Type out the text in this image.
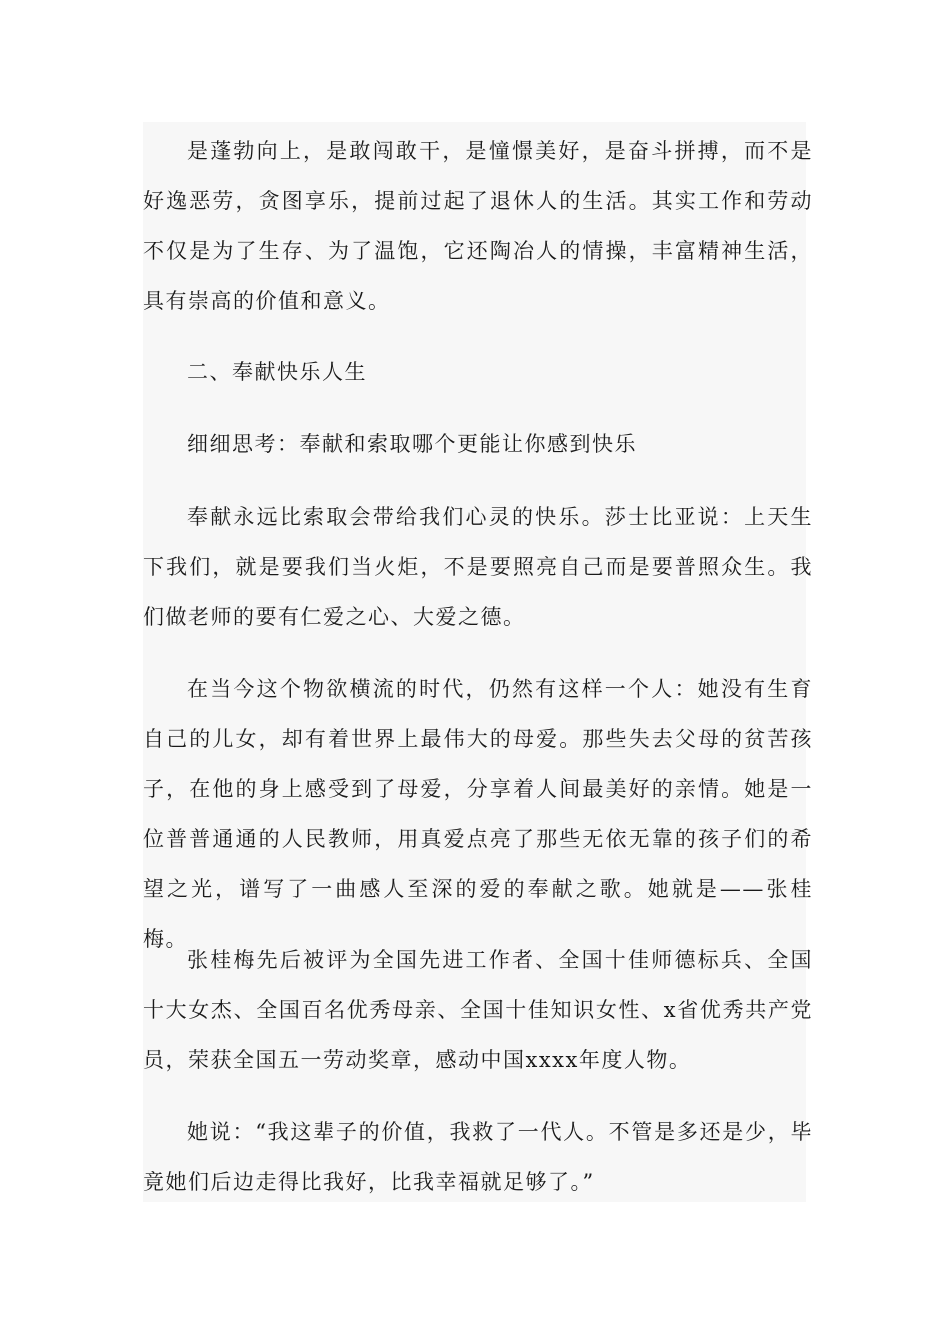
是蓬勃向上，是敢闯敢干，是憧憬美好，是奋斗拼搏，而不是好逸恶劳，贪图享乐，提前过起了退休人的生活。其实工作和劳动不仅是为了生存、为了温饱，它还陶冶人的情操，丰富精神生活，具有崇高的价值和意义。

二、奉献快乐人生

细细思考：奉献和索取哪个更能让你感到快乐

奉献永远比索取会带给我们心灵的快乐。莎士比亚说：上天生下我们，就是要我们当火炬，不是要照亮自己而是要普照众生。我们做老师的要有仁爱之心、大爱之德。

在当今这个物欲横流的时代，仍然有这样一个人：她没有生育自己的儿女，却有着世界上最伟大的母爱。那些失去父母的贫苦孩子，在他的身上感受到了母爱，分享着人间最美好的亲情。她是一位普普通通的人民教师，用真爱点亮了那些无依无靠的孩子们的希望之光，谱写了一曲感人至深的爱的奉献之歌。她就是——张桂梅。

张桂梅先后被评为全国先进工作者、全国十佳师德标兵、全国十大女杰、全国百名优秀母亲、全国十佳知识女性、x省优秀共产党员，荣获全国五一劳动奖章，感动中国xxxx年度人物。

她说：“我这辈子的价值，我救了一代人。不管是多还是少，毕竟她们后边走得比我好，比我幸福就足够了。”
